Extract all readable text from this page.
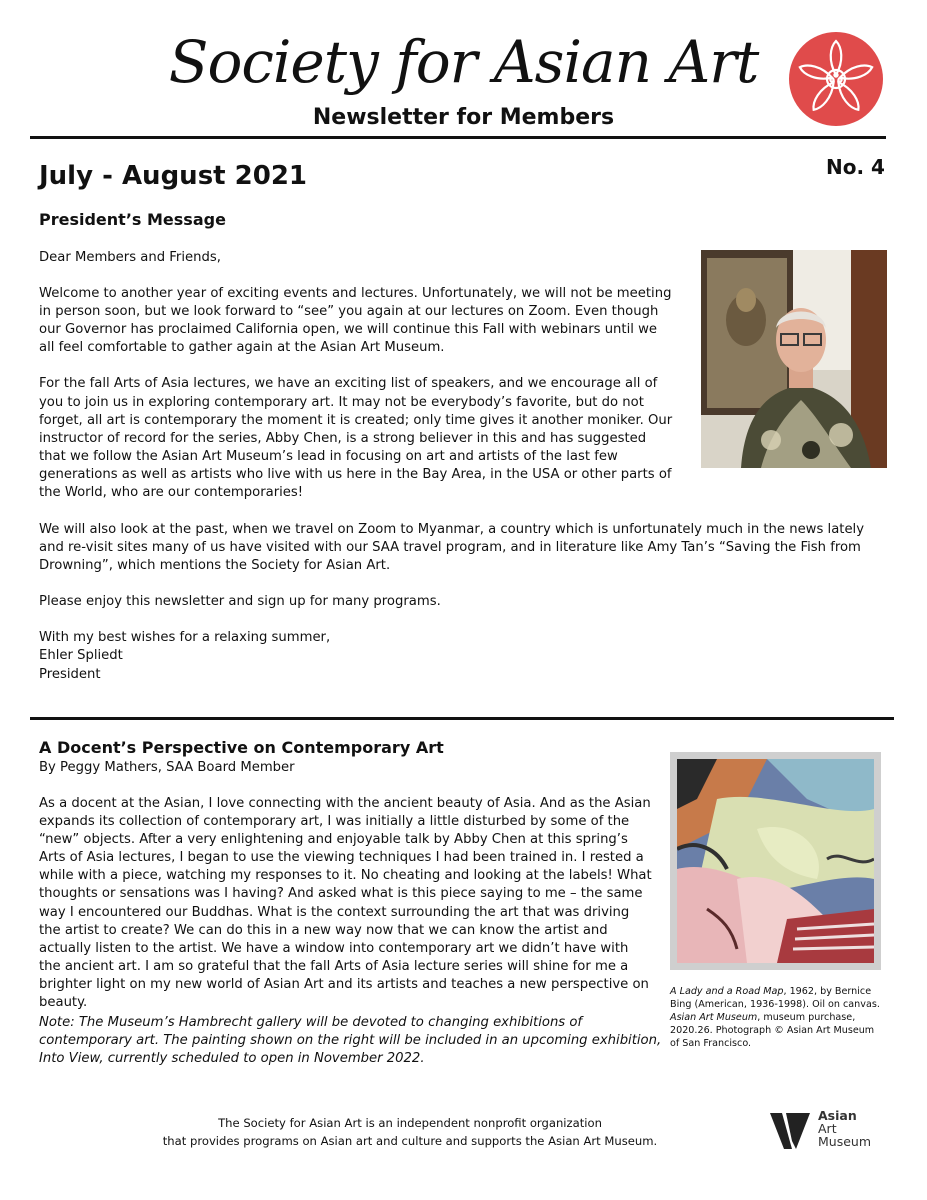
Society for Asian Art
Newsletter for Members
July - August 2021	No. 4
President’s Message

Dear Members and Friends,

Welcome to another year of exciting events and lectures. Unfortunately, we will not be meeting in person soon, but we look forward to “see” you again at our lectures on Zoom. Even though our Governor has proclaimed California open, we will continue this Fall with webinars until we all feel comfortable to gather again at the Asian Art Museum.

For the fall Arts of Asia lectures, we have an exciting list of speakers, and we encourage all of you to join us in exploring contemporary art. It may not be everybody’s favorite, but do not forget, all art is contemporary the moment it is created; only time gives it another moniker. Our instructor of record for the series, Abby Chen, is a strong believer in this and has suggested that we follow the Asian Art Museum’s lead in focusing on art and artists of the last few generations as well as artists who live with us here in the Bay Area, in the USA or other parts of the World, who are our contemporaries!

We will also look at the past, when we travel on Zoom to Myanmar, a country which is unfortunately much in the news lately and re-visit sites many of us have visited with our SAA travel program, and in literature like Amy Tan’s “Saving the Fish from Drowning”, which mentions the Society for Asian Art.

Please enjoy this newsletter and sign up for many programs.

With my best wishes for a relaxing summer,

Ehler Spliedt

President

A Docent’s Perspective on Contemporary Art
By Peggy Mathers, SAA Board Member
As a docent at the Asian, I love connecting with the ancient beauty of Asia. And as the Asian expands its collection of contemporary art, I was initially a little disturbed by some of the “new” objects. After a very enlightening and enjoyable talk by Abby Chen at this spring’s Arts of Asia lectures, I began to use the viewing techniques I had been trained in. I rested a while with a piece, watching my responses to it. No cheating and looking at the labels! What thoughts or sensations was I having? And asked what is this piece saying to me – the same way I encountered our Buddhas. What is the context surrounding the art that was driving the artist to create? We can do this in a new way now that we can know the artist and actually listen to the artist. We have a window into contemporary art we didn’t have with the ancient art. I am so grateful that the fall Arts of Asia lecture series will shine for me a brighter light on my new world of Asian Art and its artists and teaches a new perspective on beauty.
Note: The Museum’s Hambrecht gallery will be devoted to changing exhibitions of contemporary art. The painting shown on the right will be included in an upcoming exhibition, Into View, currently scheduled to open in November 2022.
A Lady and a Road Map, 1962, by Bernice Bing (American, 1936-1998). Oil on canvas. Asian Art Museum, museum purchase, 2020.26. Photograph © Asian Art Museum of San Francisco.
The Society for Asian Art is an independent nonprofit organization
that provides programs on Asian art and culture and supports the Asian Art Museum.
Asian
Art
Museum
